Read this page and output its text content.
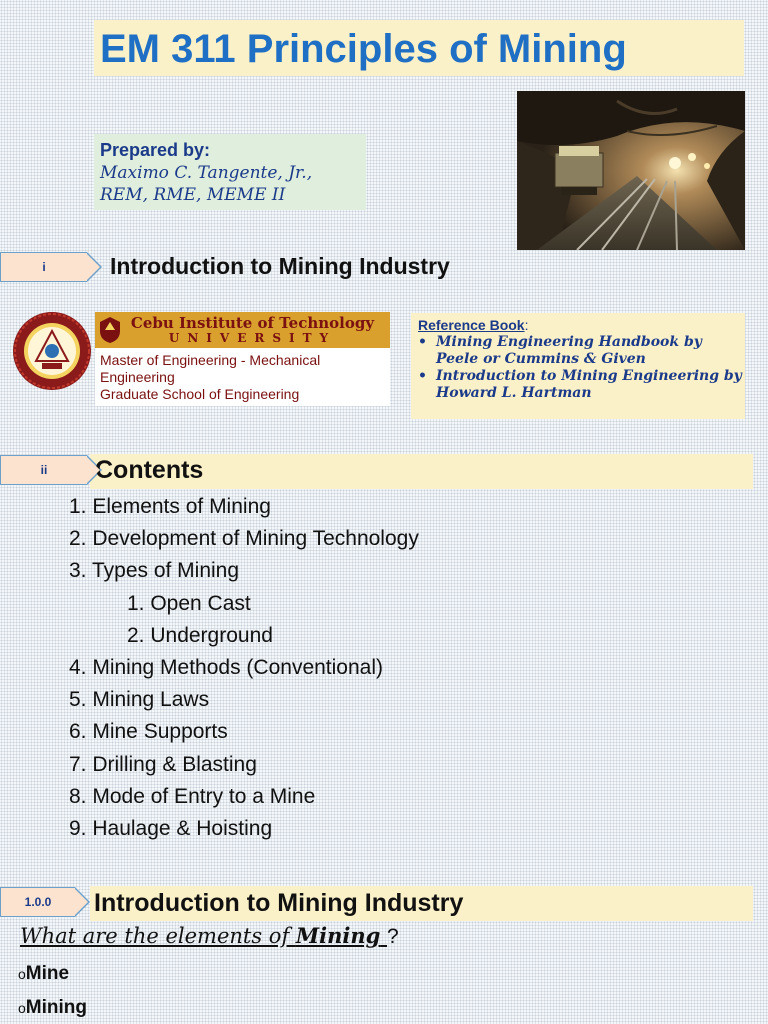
EM 311 Principles of Mining
Prepared by:
Maximo C. Tangente, Jr.,
REM, RME, MEME II
i	Introduction to Mining Industry
Cebu Institute of Technology
UNIVERSITY
Master of Engineering - Mechanical
Engineering
Graduate School of Engineering
Reference Book:
• Mining Engineering Handbook by
Peele or Cummins & Given
• Introduction to Mining Engineering by
Howard L. Hartman
ii Contents
1. Elements of Mining
2. Development of Mining Technology
3. Types of Mining
1. Open Cast
2. Underground
4. Mining Methods (Conventional)
5. Mining Laws
6. Mine Supports
7. Drilling & Blasting
8. Mode of Entry to a Mine
9. Haulage & Hoisting
1.0.0 Introduction to Mining Industry
What are the elements of Mining ?
oMine
oMining
